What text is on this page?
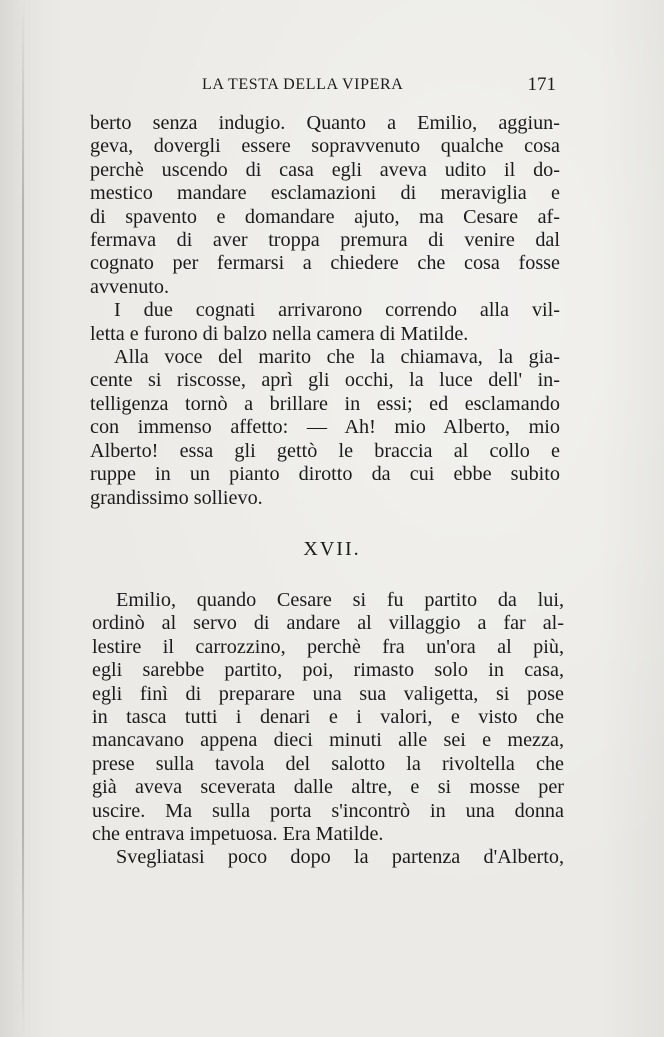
LA TESTA DELLA VIPERA	171
berto senza indugio. Quanto a Emilio, aggiun-
geva, dovergli essere sopravvenuto qualche cosa
perchè uscendo di casa egli aveva udito il do-
mestico mandare esclamazioni di meraviglia e
di spavento e domandare ajuto, ma Cesare af-
fermava di aver troppa premura di venire dal
cognato per fermarsi a chiedere che cosa fosse
avvenuto.
I due cognati arrivarono correndo alla vil-
letta e furono di balzo nella camera di Matilde.
Alla voce del marito che la chiamava, la gia-
cente si riscosse, aprì gli occhi, la luce dell' in-
telligenza tornò a brillare in essi; ed esclamando
con immenso affetto: — Ah! mio Alberto, mio
Alberto! essa gli gettò le braccia al collo e
ruppe in un pianto dirotto da cui ebbe subito
grandissimo sollievo.
XVII.
Emilio, quando Cesare si fu partito da lui,
ordinò al servo di andare al villaggio a far al-
lestire il carrozzino, perchè fra un'ora al più,
egli sarebbe partito, poi, rimasto solo in casa,
egli finì di preparare una sua valigetta, si pose
in tasca tutti i denari e i valori, e visto che
mancavano appena dieci minuti alle sei e mezza,
prese sulla tavola del salotto la rivoltella che
già aveva sceverata dalle altre, e si mosse per
uscire. Ma sulla porta s'incontrò in una donna
che entrava impetuosa. Era Matilde.
Svegliatasi poco dopo la partenza d'Alberto,
